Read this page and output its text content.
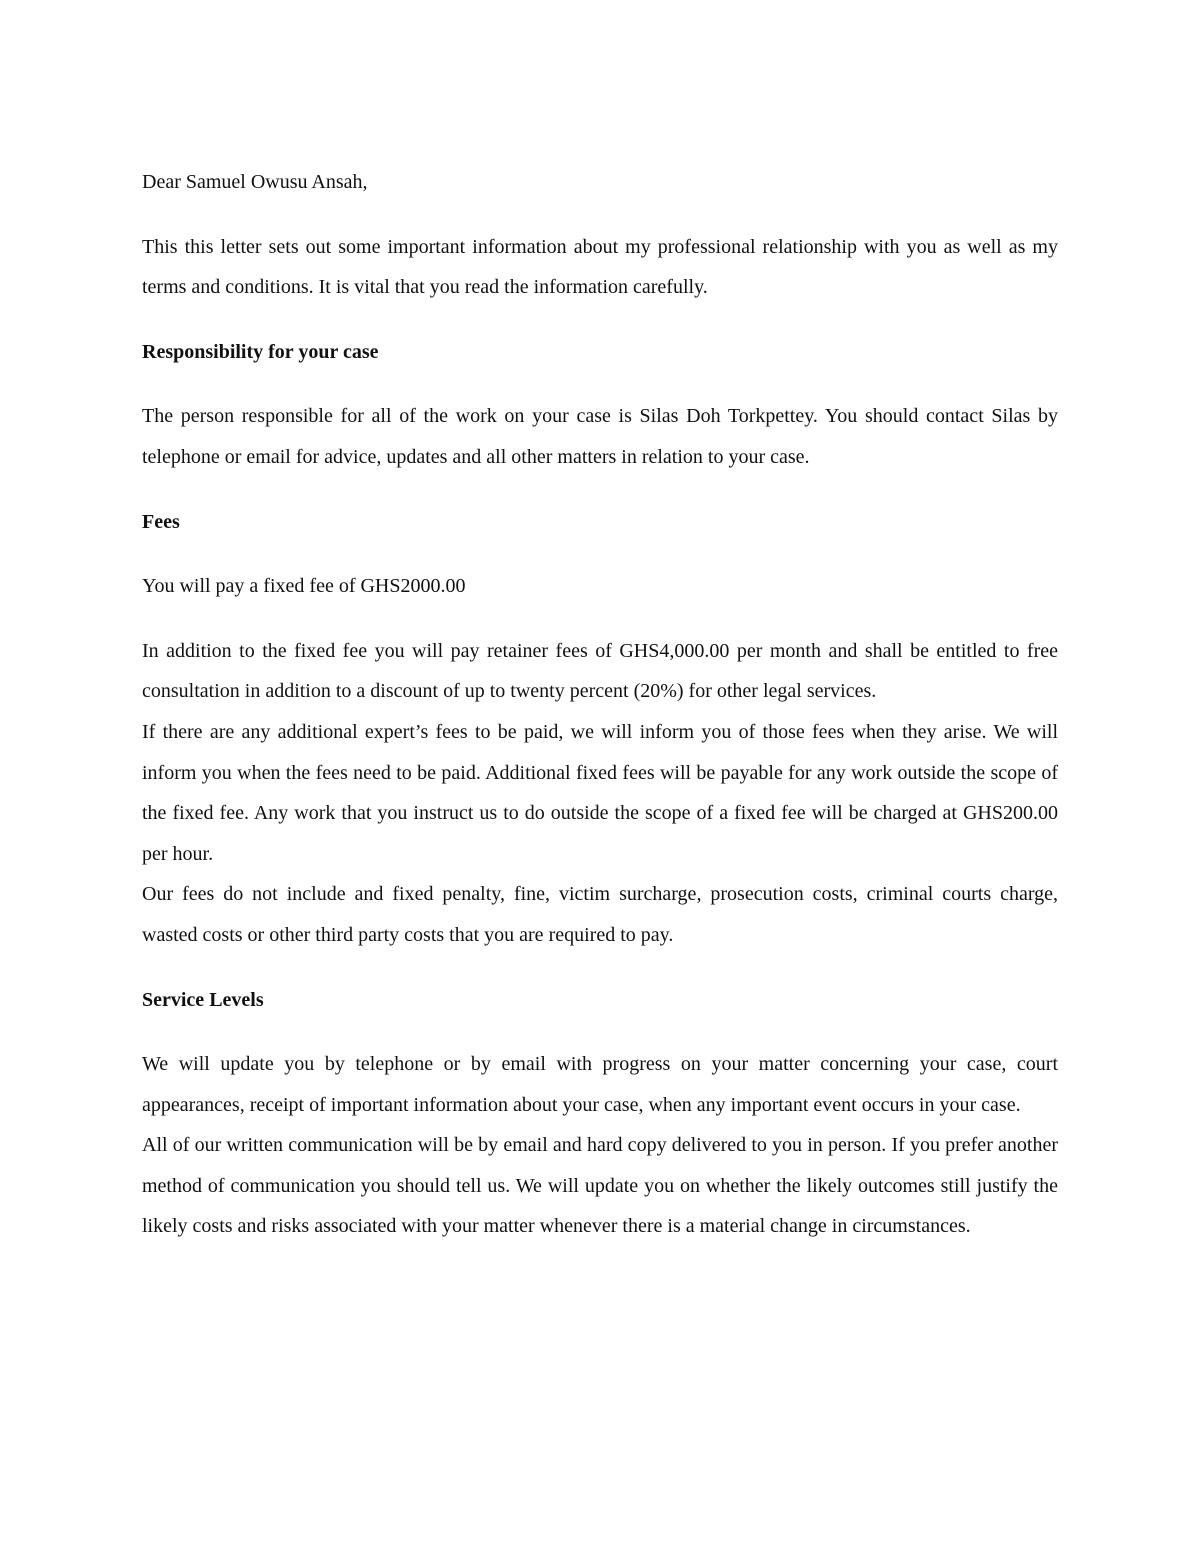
Dear Samuel Owusu Ansah,

This this letter sets out some important information about my professional relationship with you as well as my terms and conditions. It is vital that you read the information carefully.

Responsibility for your case

The person responsible for all of the work on your case is Silas Doh Torkpettey. You should contact Silas by telephone or email for advice, updates and all other matters in relation to your case.

Fees

You will pay a fixed fee of GHS2000.00

In addition to the fixed fee you will pay retainer fees of GHS4,000.00 per month and shall be entitled to free consultation in addition to a discount of up to twenty percent (20%) for other legal services.

If there are any additional expert’s fees to be paid, we will inform you of those fees when they arise. We will inform you when the fees need to be paid. Additional fixed fees will be payable for any work outside the scope of the fixed fee. Any work that you instruct us to do outside the scope of a fixed fee will be charged at GHS200.00 per hour.

Our fees do not include and fixed penalty, fine, victim surcharge, prosecution costs, criminal courts charge, wasted costs or other third party costs that you are required to pay.

Service Levels

We will update you by telephone or by email with progress on your matter concerning your case, court appearances, receipt of important information about your case, when any important event occurs in your case.

All of our written communication will be by email and hard copy delivered to you in person. If you prefer another method of communication you should tell us. We will update you on whether the likely outcomes still justify the likely costs and risks associated with your matter whenever there is a material change in circumstances.
